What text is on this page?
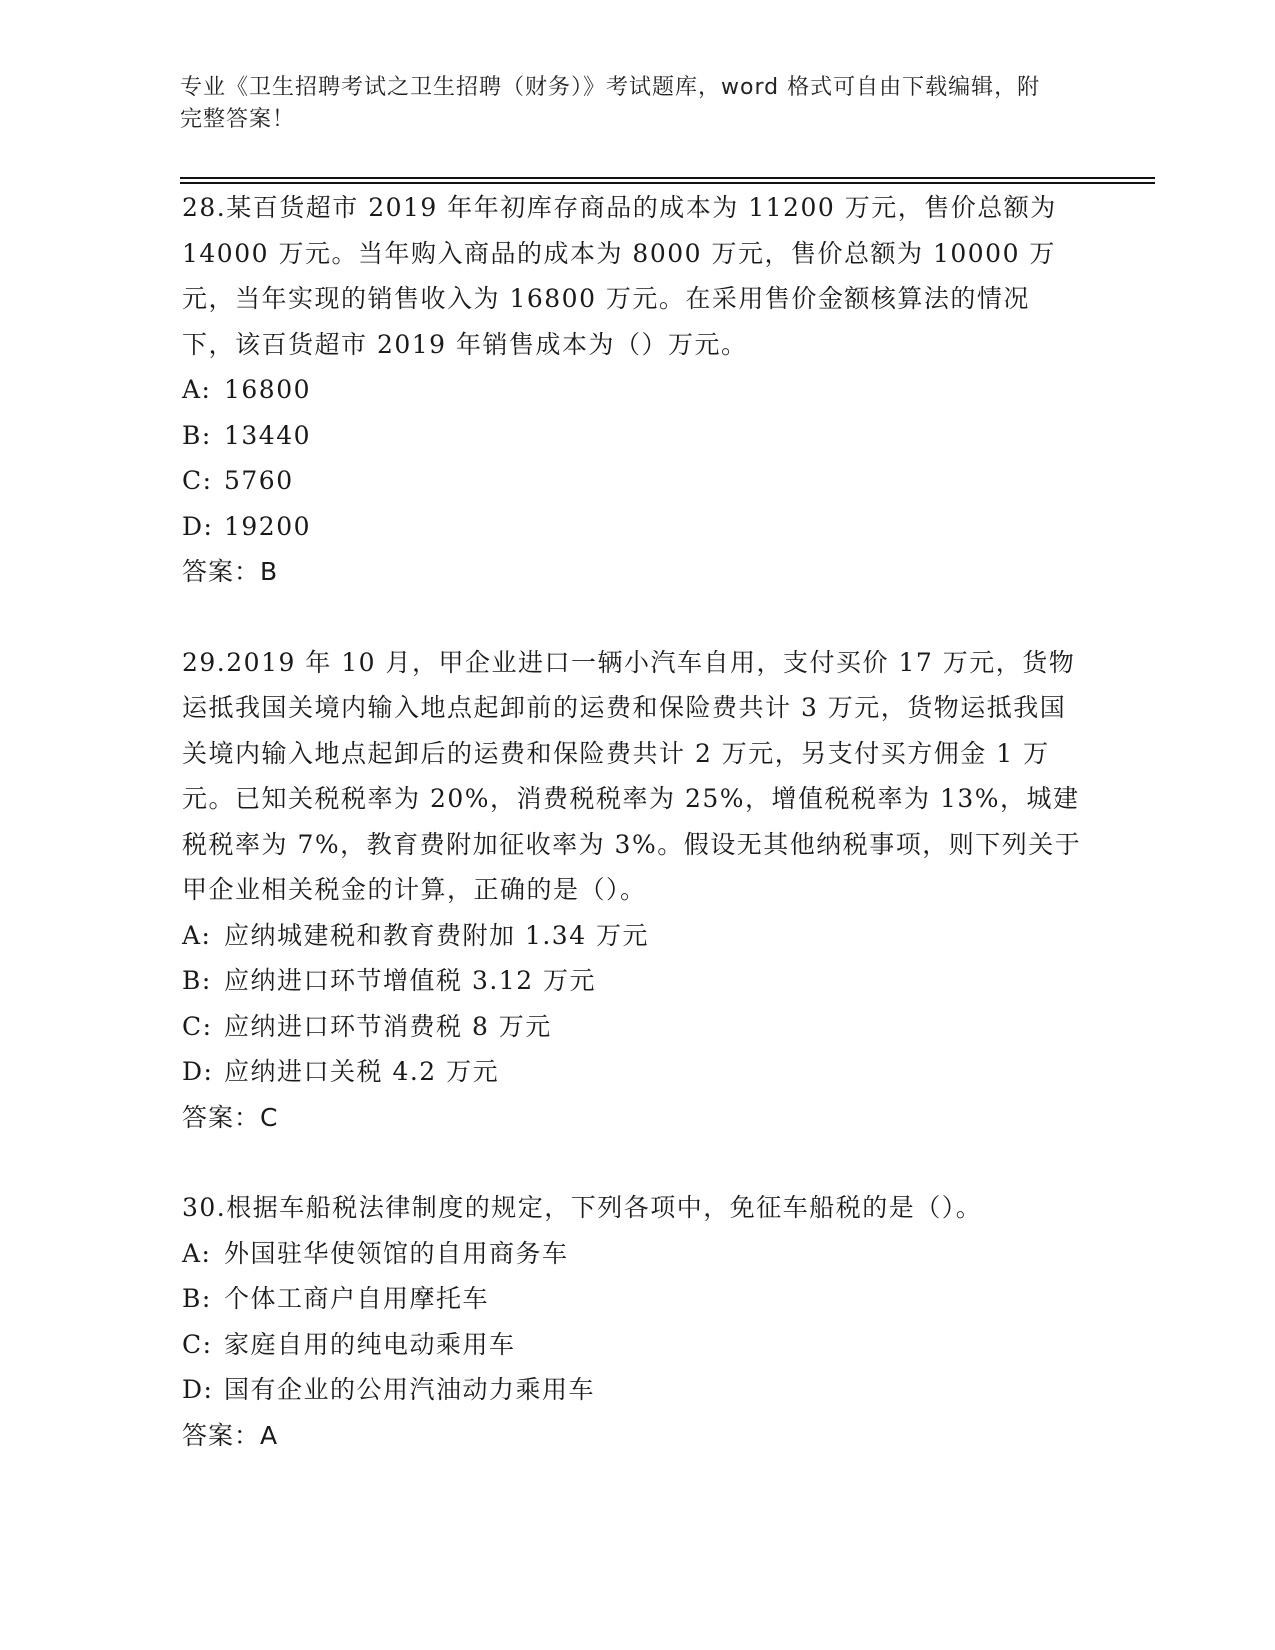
专业《卫生招聘考试之卫生招聘（财务）》考试题库，word 格式可自由下载编辑，附完整答案！

28.某百货超市 2019 年年初库存商品的成本为 11200 万元，售价总额为 14000 万元。当年购入商品的成本为 8000 万元，售价总额为 10000 万元，当年实现的销售收入为 16800 万元。在采用售价金额核算法的情况下，该百货超市 2019 年销售成本为（）万元。

A: 16800

B: 13440

C: 5760

D: 19200

答案：B

29.2019 年 10 月，甲企业进口一辆小汽车自用，支付买价 17 万元，货物运抵我国关境内输入地点起卸前的运费和保险费共计 3 万元，货物运抵我国关境内输入地点起卸后的运费和保险费共计 2 万元，另支付买方佣金 1 万元。已知关税税率为 20%，消费税税率为 25%，增值税税率为 13%，城建税税率为 7%，教育费附加征收率为 3%。假设无其他纳税事项，则下列关于甲企业相关税金的计算，正确的是（）。

A: 应纳城建税和教育费附加 1.34 万元

B: 应纳进口环节增值税 3.12 万元

C: 应纳进口环节消费税 8 万元

D: 应纳进口关税 4.2 万元

答案：C

30.根据车船税法律制度的规定，下列各项中，免征车船税的是（）。

A: 外国驻华使领馆的自用商务车

B: 个体工商户自用摩托车

C: 家庭自用的纯电动乘用车

D: 国有企业的公用汽油动力乘用车

答案：A
